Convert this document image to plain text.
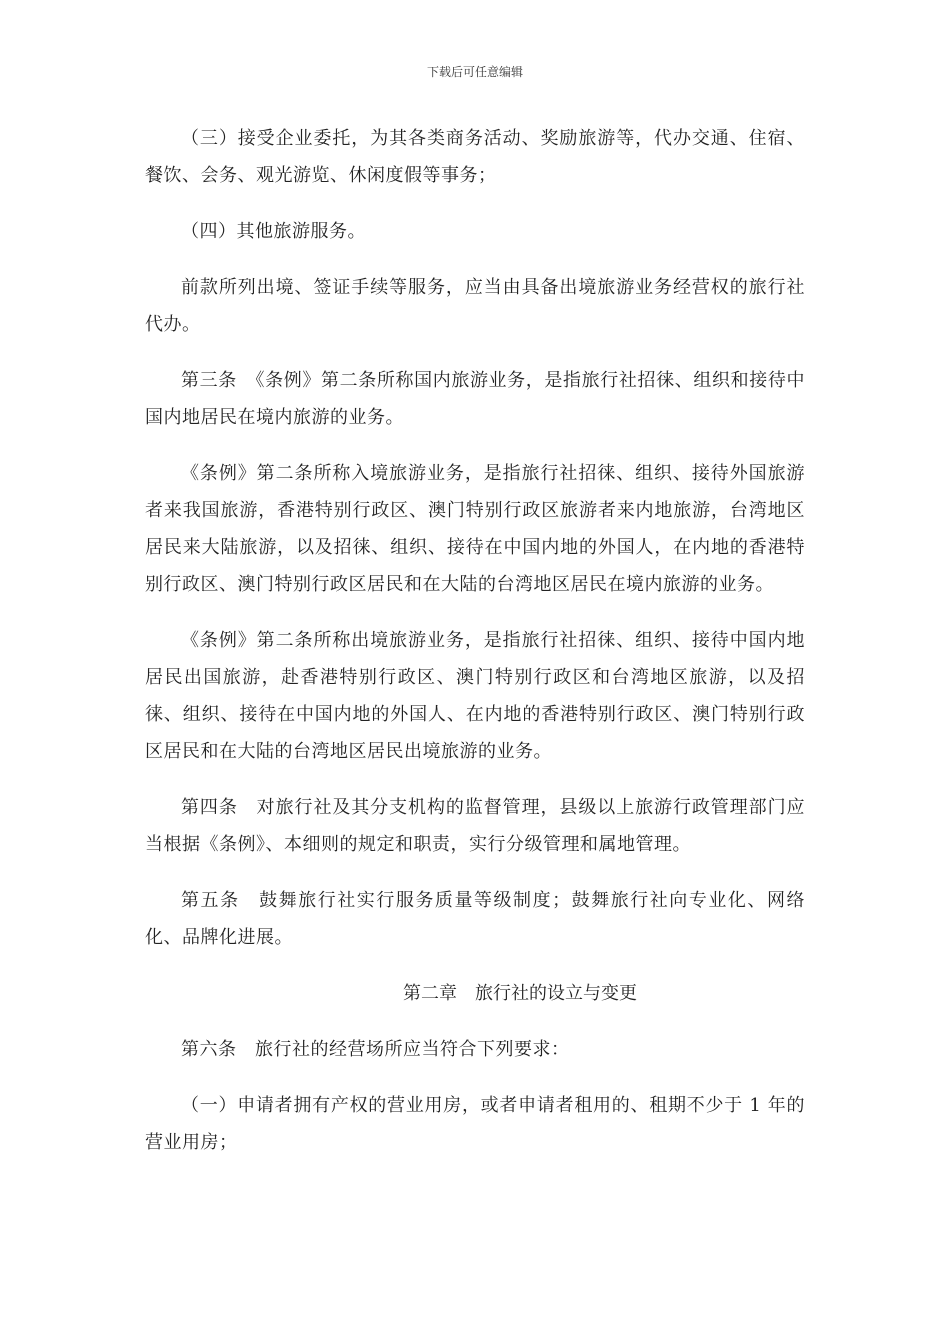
下载后可任意编辑

（三）接受企业委托，为其各类商务活动、奖励旅游等，代办交通、住宿、餐饮、会务、观光游览、休闲度假等事务；

（四）其他旅游服务。

前款所列出境、签证手续等服务，应当由具备出境旅游业务经营权的旅行社代办。

第三条　《条例》第二条所称国内旅游业务，是指旅行社招徕、组织和接待中国内地居民在境内旅游的业务。

《条例》第二条所称入境旅游业务，是指旅行社招徕、组织、接待外国旅游者来我国旅游，香港特别行政区、澳门特别行政区旅游者来内地旅游，台湾地区居民来大陆旅游，以及招徕、组织、接待在中国内地的外国人，在内地的香港特别行政区、澳门特别行政区居民和在大陆的台湾地区居民在境内旅游的业务。

《条例》第二条所称出境旅游业务，是指旅行社招徕、组织、接待中国内地居民出国旅游，赴香港特别行政区、澳门特别行政区和台湾地区旅游，以及招徕、组织、接待在中国内地的外国人、在内地的香港特别行政区、澳门特别行政区居民和在大陆的台湾地区居民出境旅游的业务。

第四条　对旅行社及其分支机构的监督管理，县级以上旅游行政管理部门应当根据《条例》、本细则的规定和职责，实行分级管理和属地管理。

第五条　鼓舞旅行社实行服务质量等级制度；鼓舞旅行社向专业化、网络化、品牌化进展。

第二章　旅行社的设立与变更

第六条　旅行社的经营场所应当符合下列要求：

（一）申请者拥有产权的营业用房，或者申请者租用的、租期不少于 1 年的营业用房；
